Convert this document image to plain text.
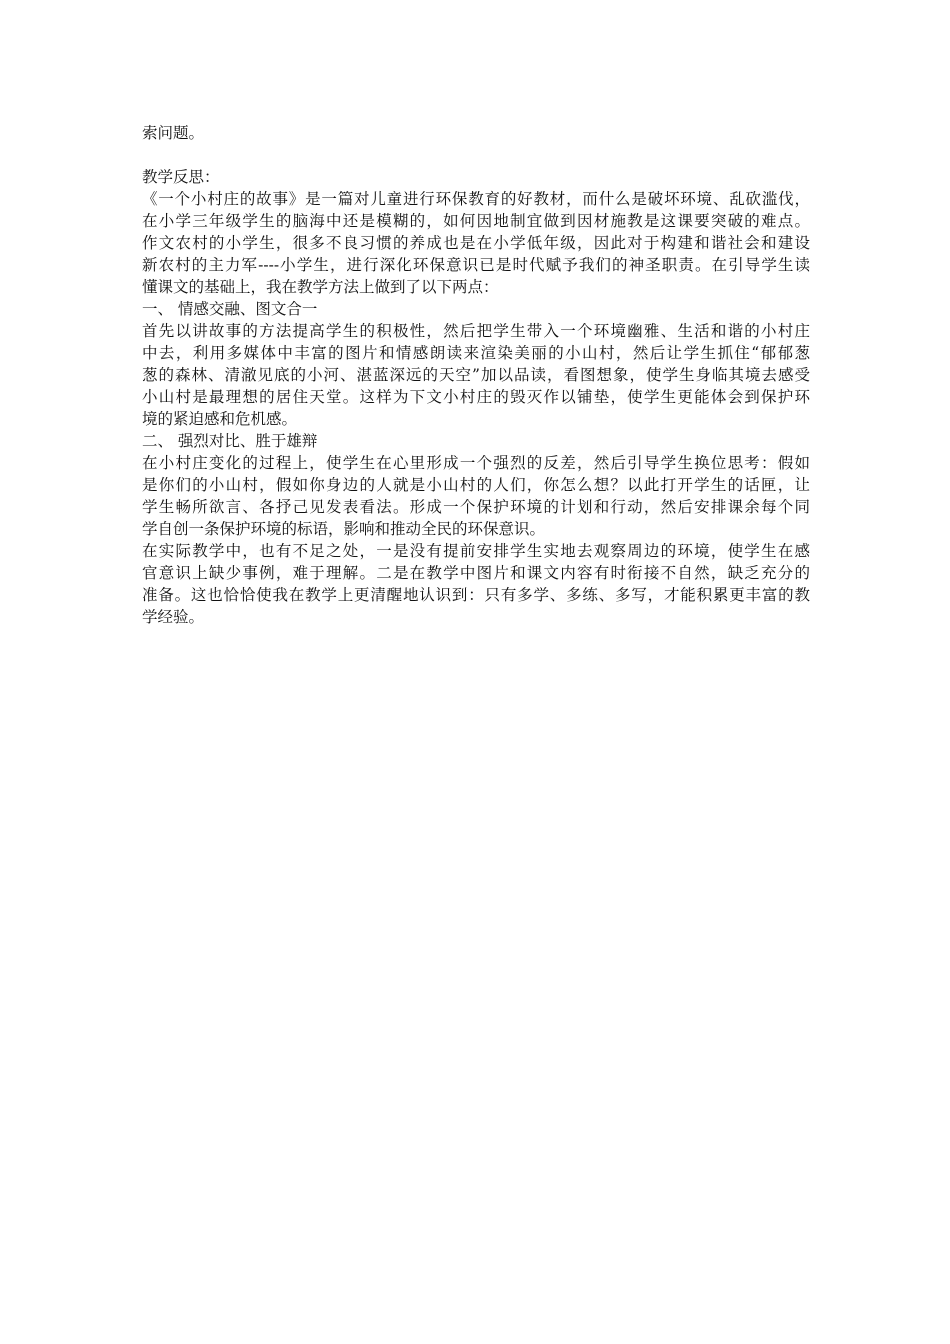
索问题。
教学反思：
《一个小村庄的故事》是一篇对儿童进行环保教育的好教材，而什么是破坏环境、乱砍滥伐，
在小学三年级学生的脑海中还是模糊的，如何因地制宜做到因材施教是这课要突破的难点。
作文农村的小学生，很多不良习惯的养成也是在小学低年级，因此对于构建和谐社会和建设
新农村的主力军----小学生，进行深化环保意识已是时代赋予我们的神圣职责。在引导学生读
懂课文的基础上，我在教学方法上做到了以下两点：
一、 情感交融、图文合一
首先以讲故事的方法提高学生的积极性，然后把学生带入一个环境幽雅、生活和谐的小村庄
中去，利用多媒体中丰富的图片和情感朗读来渲染美丽的小山村，然后让学生抓住“郁郁葱
葱的森林、清澈见底的小河、湛蓝深远的天空”加以品读，看图想象，使学生身临其境去感受
小山村是最理想的居住天堂。这样为下文小村庄的毁灭作以铺垫，使学生更能体会到保护环
境的紧迫感和危机感。
二、 强烈对比、胜于雄辩
在小村庄变化的过程上，使学生在心里形成一个强烈的反差，然后引导学生换位思考：假如
是你们的小山村，假如你身边的人就是小山村的人们，你怎么想？以此打开学生的话匣，让
学生畅所欲言、各抒己见发表看法。形成一个保护环境的计划和行动，然后安排课余每个同
学自创一条保护环境的标语，影响和推动全民的环保意识。
在实际教学中，也有不足之处，一是没有提前安排学生实地去观察周边的环境，使学生在感
官意识上缺少事例，难于理解。二是在教学中图片和课文内容有时衔接不自然，缺乏充分的
准备。这也恰恰使我在教学上更清醒地认识到：只有多学、多练、多写，才能积累更丰富的教
学经验。
